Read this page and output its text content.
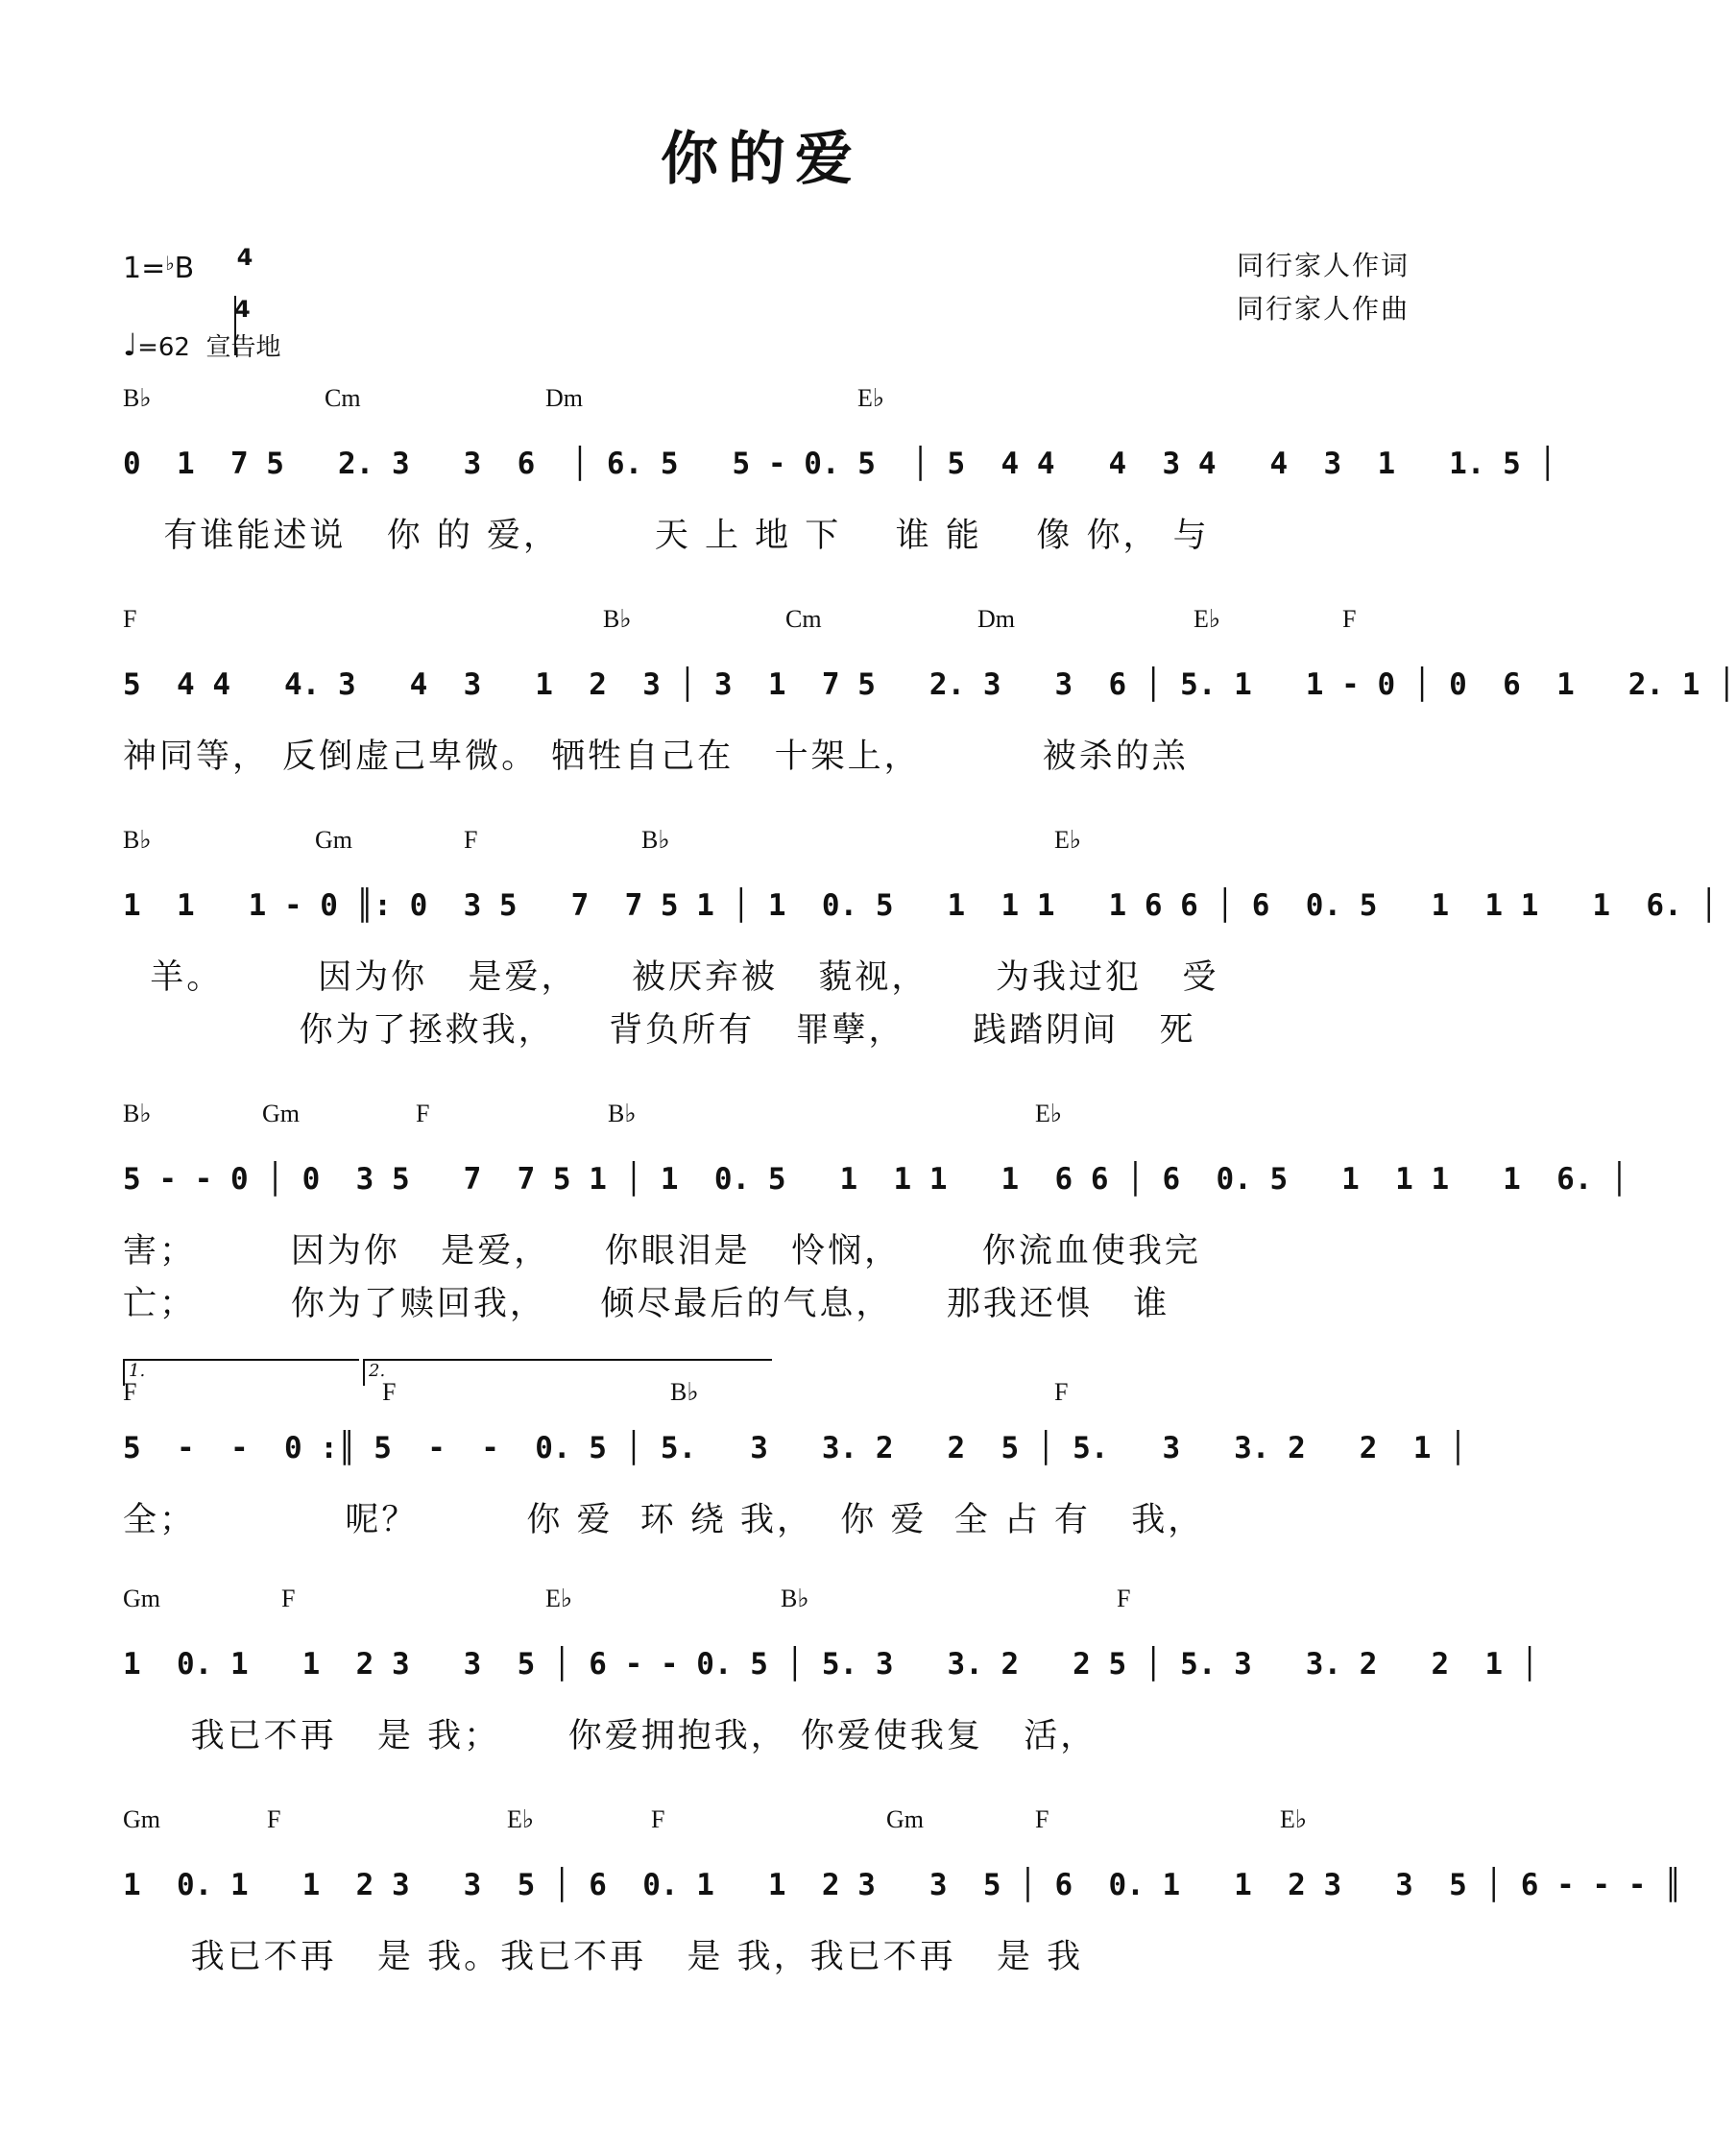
你的爱
1=♭B 4
4
♩=62 宣告地
同行家人作词
同行家人作曲
B♭	Cm	Dm	E♭
0  1  7 5   2. 3   3  6  │ 6. 5   5 - 0. 5  │ 5  4 4   4  3 4   4  3  1   1. 5 │
有谁能述说   你 的 爱，       天 上 地 下    谁 能    像 你， 与
F	B♭	Cm	Dm	E♭	F
5  4 4   4. 3   4  3   1  2  3 │ 3  1  7 5   2. 3   3  6 │ 5. 1   1 - 0 │ 0  6  1   2. 1 │
神同等， 反倒虚己卑微。 牺牲自己在   十架上，         被杀的羔
B♭	Gm	F	B♭	E♭
1  1   1 - 0 ║: 0  3 5   7  7 5 1 │ 1  0. 5   1  1 1   1 6 6 │ 6  0. 5   1  1 1   1  6. │
羊。       因为你   是爱，    被厌弃被   藐视，     为我过犯   受
你为了拯救我，    背负所有   罪孽，     践踏阴间   死
B♭	Gm	F	B♭	E♭
5 - - 0 │ 0  3 5   7  7 5 1 │ 1  0. 5   1  1 1   1  6 6 │ 6  0. 5   1  1 1   1  6. │
害；       因为你   是爱，    你眼泪是   怜悯，      你流血使我完
亡；       你为了赎回我，    倾尽最后的气息，    那我还惧   谁
1.	2.
F	F	B♭	F
5  -  -  0 :║ 5  -  -  0. 5 │ 5.   3   3. 2   2  5 │ 5.   3   3. 2   2  1 │
全；           呢？        你 爱  环 绕 我，  你 爱  全 占 有   我，
Gm	F	E♭	B♭	F
1  0. 1   1  2 3   3  5 │ 6 - - 0. 5 │ 5. 3   3. 2   2 5 │ 5. 3   3. 2   2  1 │
我已不再   是 我；     你爱拥抱我， 你爱使我复   活，
Gm	F	E♭	F	Gm	F	E♭
1  0. 1   1  2 3   3  5 │ 6  0. 1   1  2 3   3  5 │ 6  0. 1   1  2 3   3  5 │ 6 - - - ║
我已不再   是 我。我已不再   是 我，我已不再   是 我
